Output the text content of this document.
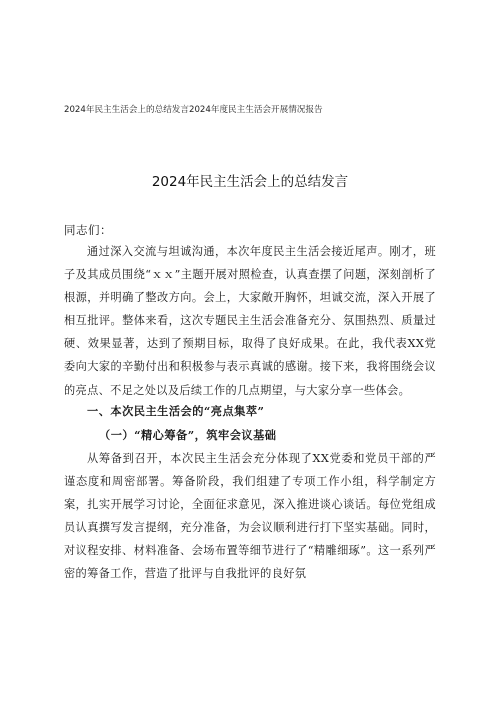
2024年民主生活会上的总结发言2024年度民主生活会开展情况报告
2024年民主生活会上的总结发言
同志们：
通过深入交流与坦诚沟通，本次年度民主生活会接近尾声。刚才，班子及其成员围绕“ｘｘ”主题开展对照检查，认真查摆了问题，深刻剖析了根源，并明确了整改方向。会上，大家敞开胸怀，坦诚交流，深入开展了相互批评。整体来看，这次专题民主生活会准备充分、氛围热烈、质量过硬、效果显著，达到了预期目标，取得了良好成果。在此，我代表XX党委向大家的辛勤付出和积极参与表示真诚的感谢。接下来，我将围绕会议的亮点、不足之处以及后续工作的几点期望，与大家分享一些体会。
一、本次民主生活会的“亮点集萃”
（一）“精心筹备”，筑牢会议基础
从筹备到召开，本次民主生活会充分体现了XX党委和党员干部的严谨态度和周密部署。筹备阶段，我们组建了专项工作小组，科学制定方案，扎实开展学习讨论，全面征求意见，深入推进谈心谈话。每位党组成员认真撰写发言提纲，充分准备，为会议顺利进行打下坚实基础。同时，对议程安排、材料准备、会场布置等细节进行了“精雕细琢”。这一系列严密的筹备工作，营造了批评与自我批评的良好氛
